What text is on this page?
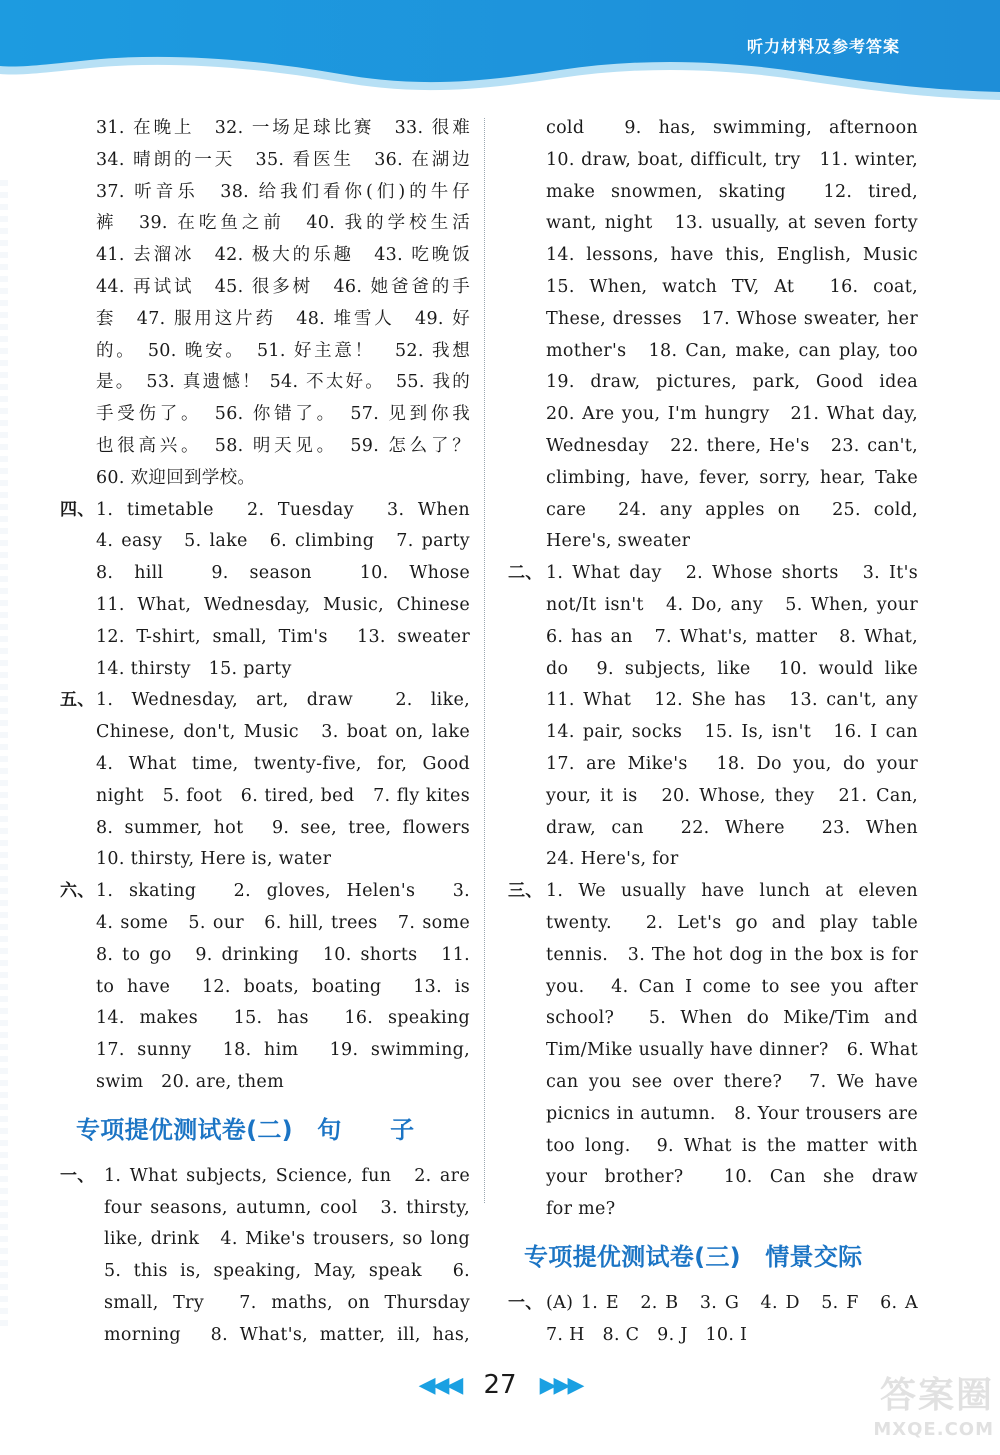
听力材料及参考答案
31. 在晚上　32. 一场足球比赛　33. 很难
34. 晴朗的一天　35. 看医生　36. 在湖边
37. 听音乐　38. 给我们看你(们)的牛仔
裤　39. 在吃鱼之前　40. 我的学校生活
41. 去溜冰　42. 极大的乐趣　43. 吃晚饭
44. 再试试　45. 很多树　46. 她爸爸的手
套　47. 服用这片药　48. 堆雪人　49. 好
的。　50. 晚安。　51. 好主意！　52. 我想
是。　53. 真遗憾！ 54. 不太好。　55. 我的
手受伤了。　56. 你错了。　57. 见到你我
也很高兴。　58. 明天见。　59. 怎么了？
60. 欢迎回到学校。
四、 1. timetable　2. Tuesday　3. When
4. easy　5. lake　6. climbing　7. party
8. hill　9. season　10. Whose
11. What, Wednesday, Music, Chinese
12. T-shirt, small, Tim's　13. sweater
14. thirsty　15. party
五、 1. Wednesday, art, draw　2. like,
Chinese, don't, Music　3. boat on, lake
4. What time, twenty-five, for, Good
night　5. foot　6. tired, bed　7. fly kites
8. summer, hot　9. see, tree, flowers
10. thirsty, Here is, water
六、 1. skating　2. gloves, Helen's　3.
4. some　5. our　6. hill, trees　7. some
8. to go　9. drinking　10. shorts　11.
to have　12. boats, boating　13. is
14. makes　15. has　16. speaking
17. sunny　18. him　19. swimming,
swim　20. are, them
专项提优测试卷(二)　句　　子
一、 1. What subjects, Science, fun　2. are
four seasons, autumn, cool　3. thirsty,
like, drink　4. Mike's trousers, so long
5. this is, speaking, May, speak　6.
small, Try　7. maths, on Thursday
morning　8. What's, matter, ill, has,
cold　9. has, swimming, afternoon
10. draw, boat, difficult, try　11. winter,
make snowmen, skating　12. tired,
want, night　13. usually, at seven forty
14. lessons, have this, English, Music
15. When, watch TV, At　16. coat,
These, dresses　17. Whose sweater, her
mother's　18. Can, make, can play, too
19. draw, pictures, park, Good idea
20. Are you, I'm hungry　21. What day,
Wednesday　22. there, He's　23. can't,
climbing, have, fever, sorry, hear, Take
care　24. any apples on　25. cold,
Here's, sweater
二、 1. What day　2. Whose shorts　3. It's
not/It isn't　4. Do, any　5. When, your
6. has an　7. What's, matter　8. What,
do　9. subjects, like　10. would like
11. What　12. She has　13. can't, any
14. pair, socks　15. Is, isn't　16. I can
17. are Mike's　18. Do you, do your　
your, it is　20. Whose, they　21. Can,
draw, can　22. Where　23. When
24. Here's, for
三、 1. We usually have lunch at eleven
twenty.　2. Let's go and play table
tennis.　3. The hot dog in the box is for
you.　4. Can I come to see you after
school?　5. When do Mike/Tim and
Tim/Mike usually have dinner?　6. What
can you see over there?　7. We have
picnics in autumn.　8. Your trousers are
too long.　9. What is the matter with
your brother?　10. Can she draw
for me?
专项提优测试卷(三)　情景交际
一、 (A) 1. E　2. B　3. G　4. D　5. F　6. A
7. H　8. C　9. J　10. I
◀◀◀ 27 ▶▶▶	答案圈
MXQE.COM
